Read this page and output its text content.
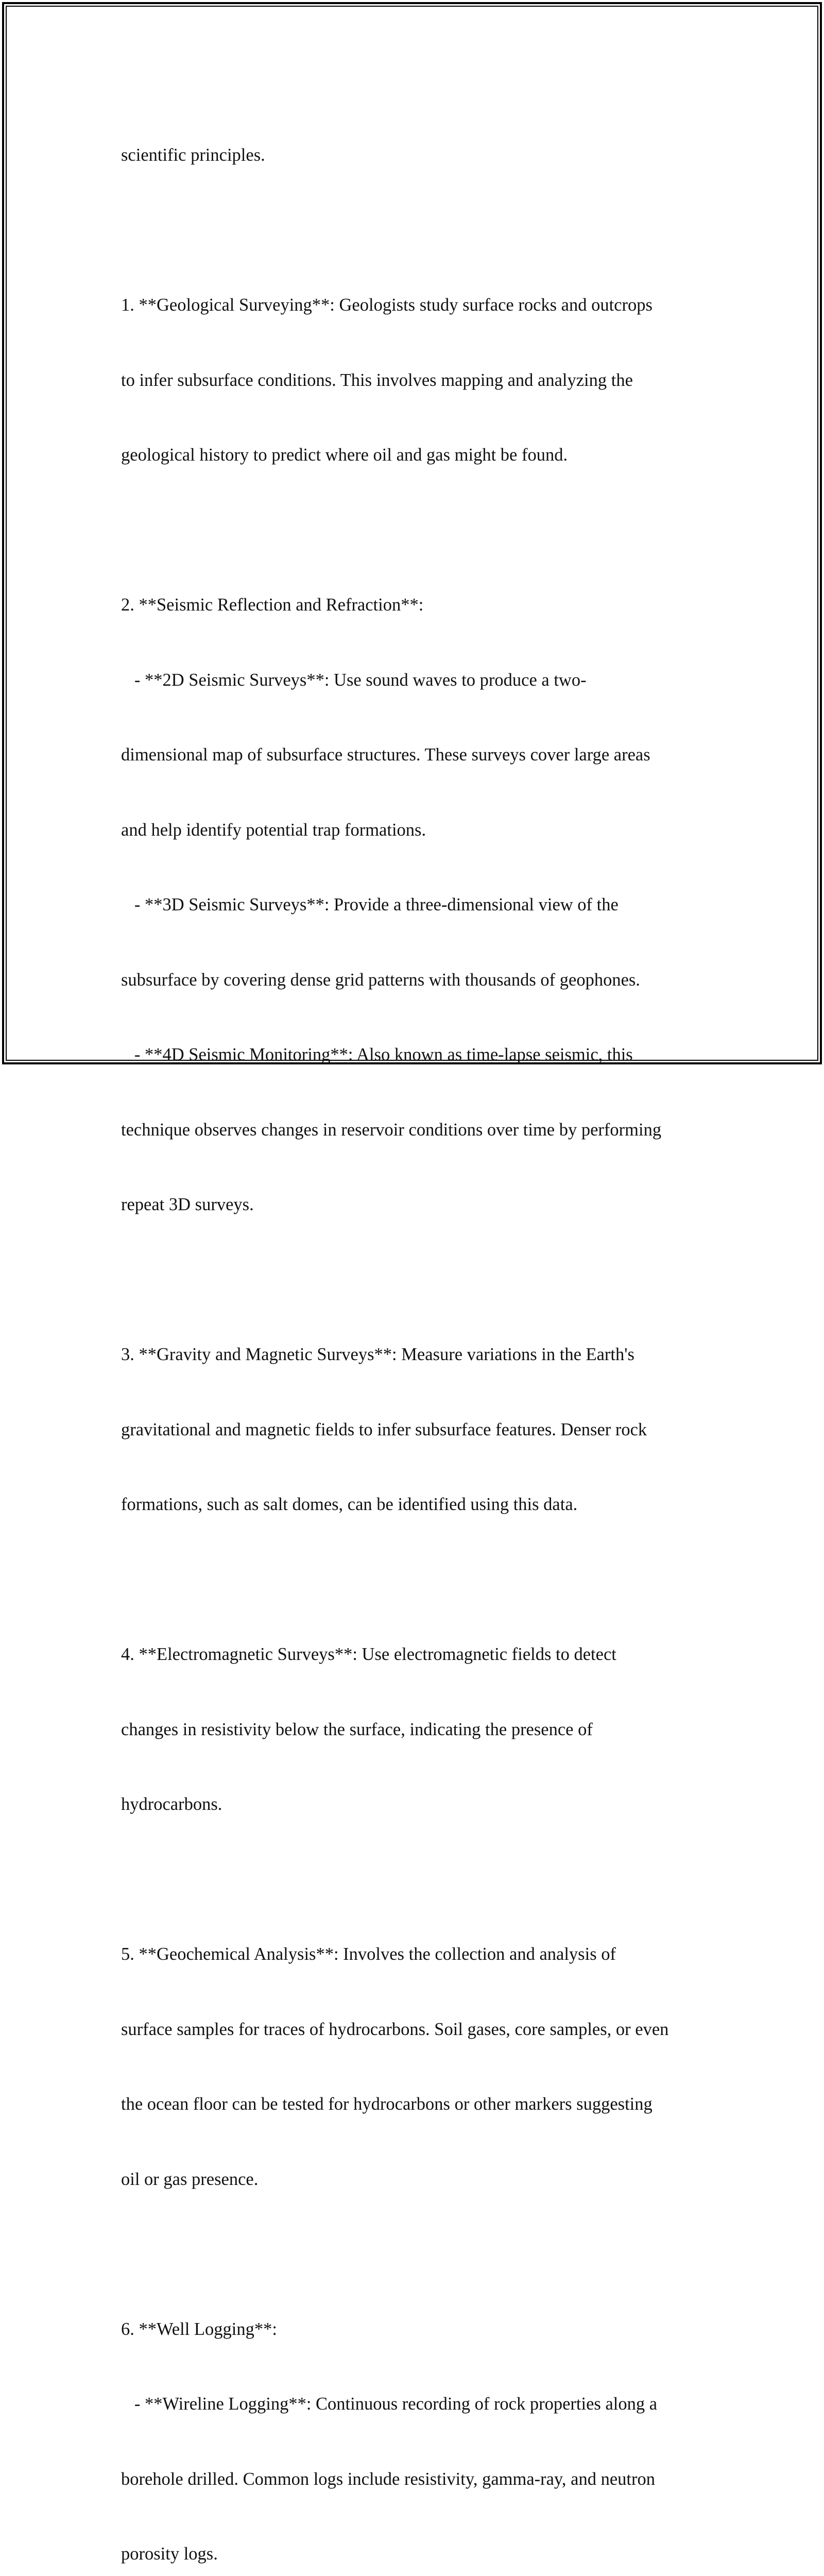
scientific principles.

1. **Geological Surveying**: Geologists study surface rocks and outcrops

to infer subsurface conditions. This involves mapping and analyzing the

geological history to predict where oil and gas might be found.

2. **Seismic Reflection and Refraction**:

- **2D Seismic Surveys**: Use sound waves to produce a two-

dimensional map of subsurface structures. These surveys cover large areas

and help identify potential trap formations.

- **3D Seismic Surveys**: Provide a three-dimensional view of the

subsurface by covering dense grid patterns with thousands of geophones.

- **4D Seismic Monitoring**: Also known as time-lapse seismic, this

technique observes changes in reservoir conditions over time by performing

repeat 3D surveys.

3. **Gravity and Magnetic Surveys**: Measure variations in the Earth's

gravitational and magnetic fields to infer subsurface features. Denser rock

formations, such as salt domes, can be identified using this data.

4. **Electromagnetic Surveys**: Use electromagnetic fields to detect

changes in resistivity below the surface, indicating the presence of

hydrocarbons.

5. **Geochemical Analysis**: Involves the collection and analysis of

surface samples for traces of hydrocarbons. Soil gases, core samples, or even

the ocean floor can be tested for hydrocarbons or other markers suggesting

oil or gas presence.

6. **Well Logging**:

- **Wireline Logging**: Continuous recording of rock properties along a

borehole drilled. Common logs include resistivity, gamma-ray, and neutron

porosity logs.
